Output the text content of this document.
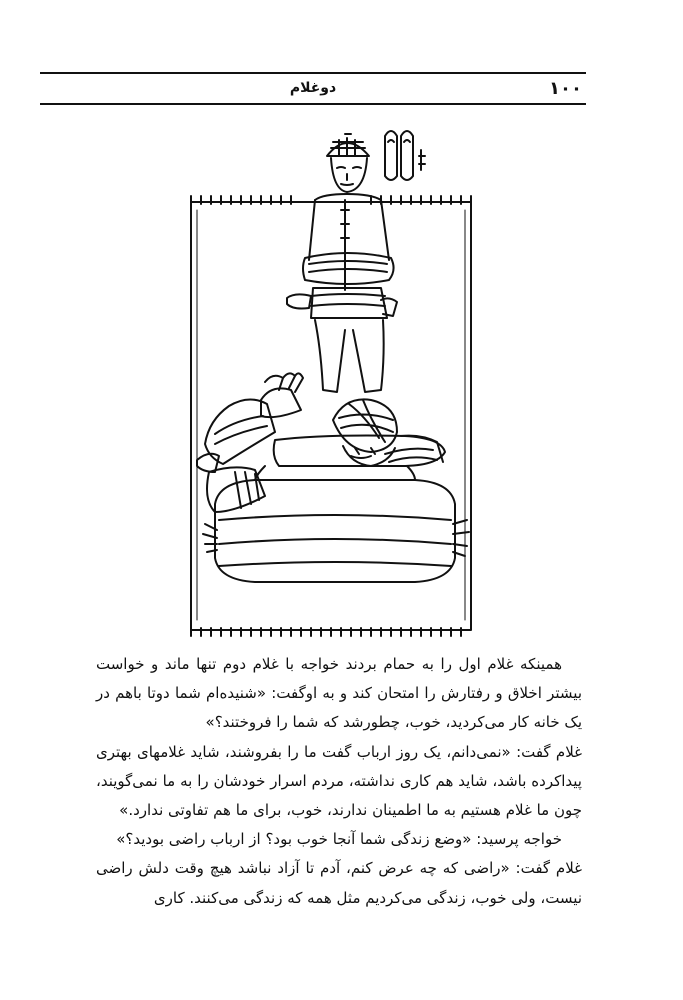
۱۰۰
دوغلام

همینکه غلام اول را به حمام بردند خواجه با غلام دوم تنها ماند و خواست بیشتر اخلاق و رفتارش را امتحان کند و به اوگفت: «شنیده‌ام شما دوتا باهم در یک خانه کار می‌کردید، خوب، چطورشد که شما را فروختند؟»

غلام گفت: «نمی‌دانم، یک روز ارباب گفت ما را بفروشند، شاید غلامهای بهتری پیداکرده باشد، شاید هم کاری نداشته، مردم اسرار خودشان را به ما نمی‌گویند، چون ما غلام هستیم به ما اطمینان ندارند، خوب، برای ما هم تفاوتی ندارد.»

خواجه پرسید: «وضع زندگی شما آنجا خوب بود؟ از ارباب راضی بودید؟»

غلام گفت: «راضی که چه عرض کنم، آدم تا آزاد نباشد هیچ وقت دلش راضی نیست، ولی خوب، زندگی می‌کردیم مثل همه که زندگی می‌کنند. کاری
